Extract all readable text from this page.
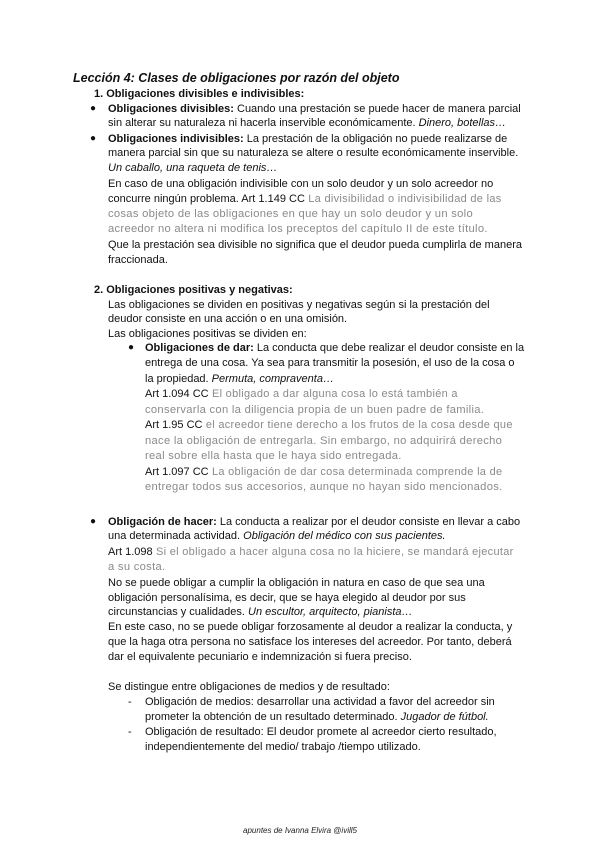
Lección 4: Clases de obligaciones por razón del objeto
1. Obligaciones divisibles e indivisibles:
● Obligaciones divisibles: Cuando una prestación se puede hacer de manera parcial
sin alterar su naturaleza ni hacerla inservible económicamente. Dinero, botellas…
● Obligaciones indivisibles: La prestación de la obligación no puede realizarse de
manera parcial sin que su naturaleza se altere o resulte económicamente inservible.
Un caballo, una raqueta de tenis…
En caso de una obligación indivisible con un solo deudor y un solo acreedor no
concurre ningún problema. Art 1.149 CC La divisibilidad o indivisibilidad de las
cosas objeto de las obligaciones en que hay un solo deudor y un solo
acreedor no altera ni modifica los preceptos del capítulo II de este título.
Que la prestación sea divisible no significa que el deudor pueda cumplirla de manera
fraccionada.
2. Obligaciones positivas y negativas:
Las obligaciones se dividen en positivas y negativas según si la prestación del
deudor consiste en una acción o en una omisión.
Las obligaciones positivas se dividen en:
● Obligaciones de dar: La conducta que debe realizar el deudor consiste en la
entrega de una cosa. Ya sea para transmitir la posesión, el uso de la cosa o
la propiedad. Permuta, compraventa…
Art 1.094 CC El obligado a dar alguna cosa lo está también a
conservarla con la diligencia propia de un buen padre de familia.
Art 1.95 CC el acreedor tiene derecho a los frutos de la cosa desde que
nace la obligación de entregarla. Sin embargo, no adquirirá derecho
real sobre ella hasta que le haya sido entregada.
Art 1.097 CC La obligación de dar cosa determinada comprende la de
entregar todos sus accesorios, aunque no hayan sido mencionados.
● Obligación de hacer: La conducta a realizar por el deudor consiste en llevar a cabo
una determinada actividad. Obligación del médico con sus pacientes.
Art 1.098 Si el obligado a hacer alguna cosa no la hiciere, se mandará ejecutar
a su costa.
No se puede obligar a cumplir la obligación in natura en caso de que sea una
obligación personalísima, es decir, que se haya elegido al deudor por sus
circunstancias y cualidades. Un escultor, arquitecto, pianista…
En este caso, no se puede obligar forzosamente al deudor a realizar la conducta, y
que la haga otra persona no satisface los intereses del acreedor. Por tanto, deberá
dar el equivalente pecuniario e indemnización si fuera preciso.
Se distingue entre obligaciones de medios y de resultado:
- Obligación de medios: desarrollar una actividad a favor del acreedor sin
prometer la obtención de un resultado determinado. Jugador de fútbol.
- Obligación de resultado: El deudor promete al acreedor cierto resultado,
independientemente del medio/ trabajo /tiempo utilizado.
apuntes de Ivanna Elvira @ivill5
